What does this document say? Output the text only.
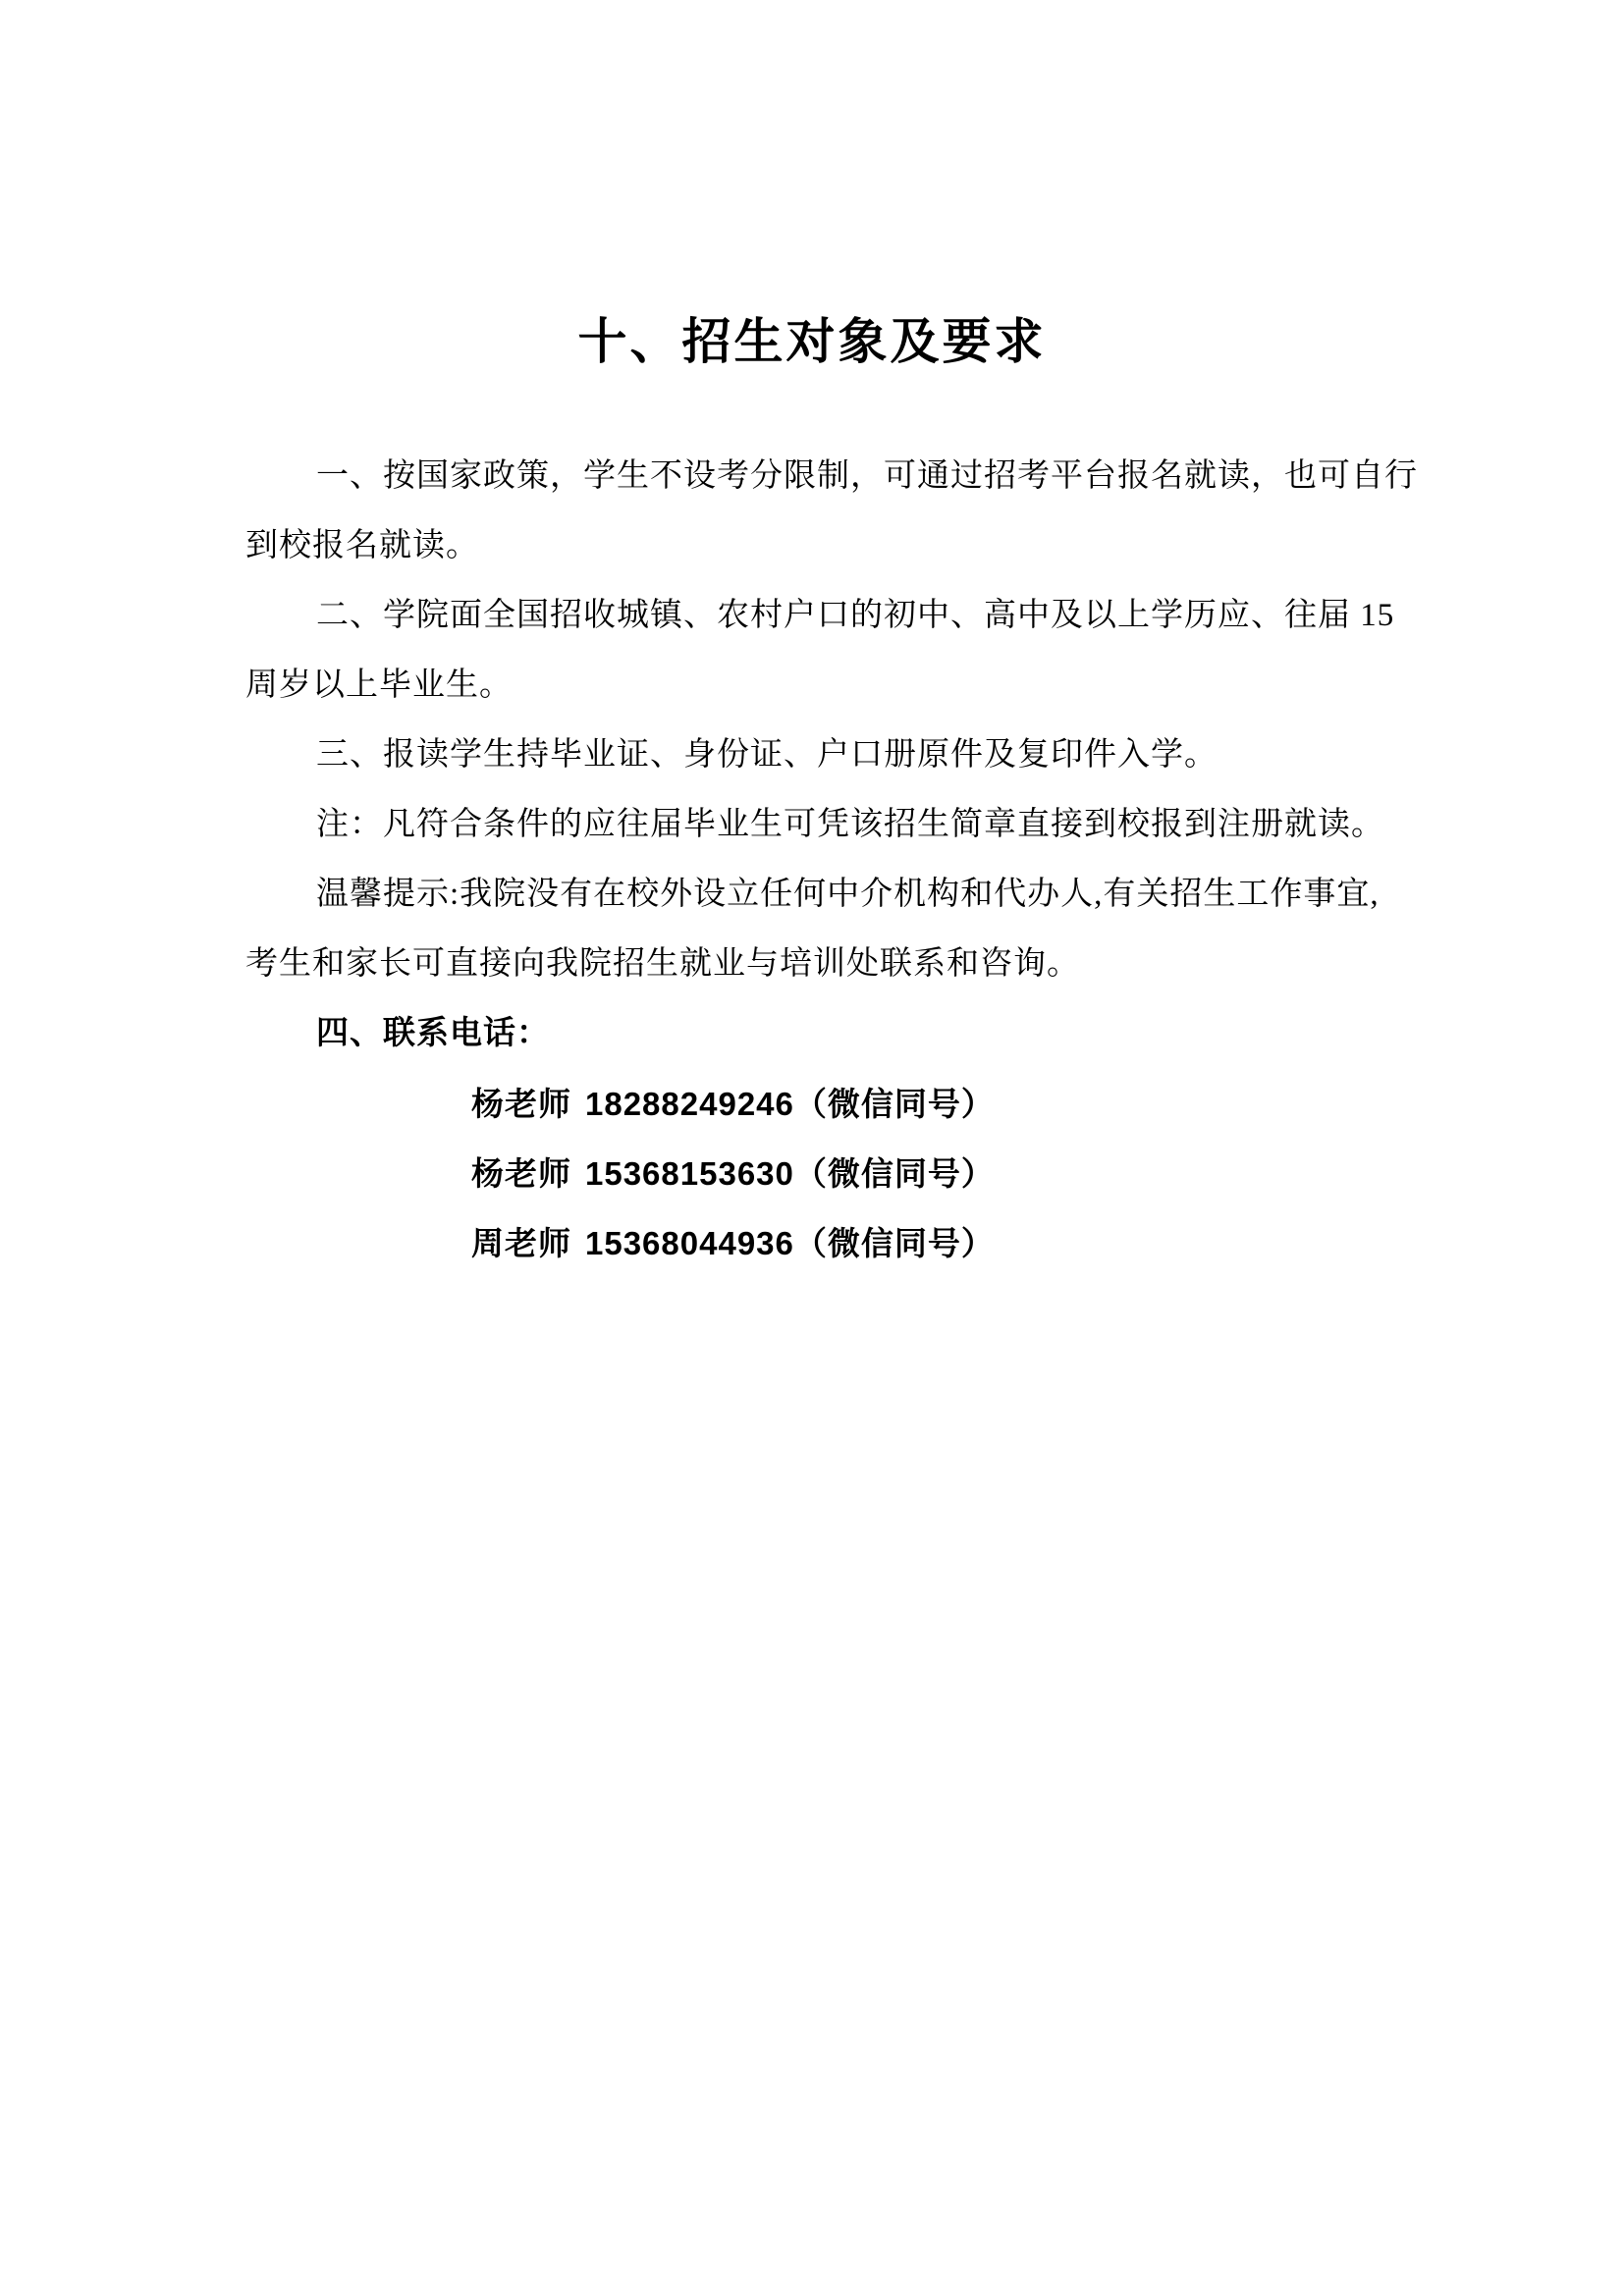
十、招生对象及要求
一、按国家政策，学生不设考分限制，可通过招考平台报名就读，也可自行
到校报名就读。
二、学院面全国招收城镇、农村户口的初中、高中及以上学历应、往届 15
周岁以上毕业生。
三、报读学生持毕业证、身份证、户口册原件及复印件入学。
注：凡符合条件的应往届毕业生可凭该招生简章直接到校报到注册就读。
温馨提示:我院没有在校外设立任何中介机构和代办人,有关招生工作事宜,
考生和家长可直接向我院招生就业与培训处联系和咨询。
四、联系电话：
杨老师 18288249246（微信同号）
杨老师 15368153630（微信同号）
周老师 15368044936（微信同号）
